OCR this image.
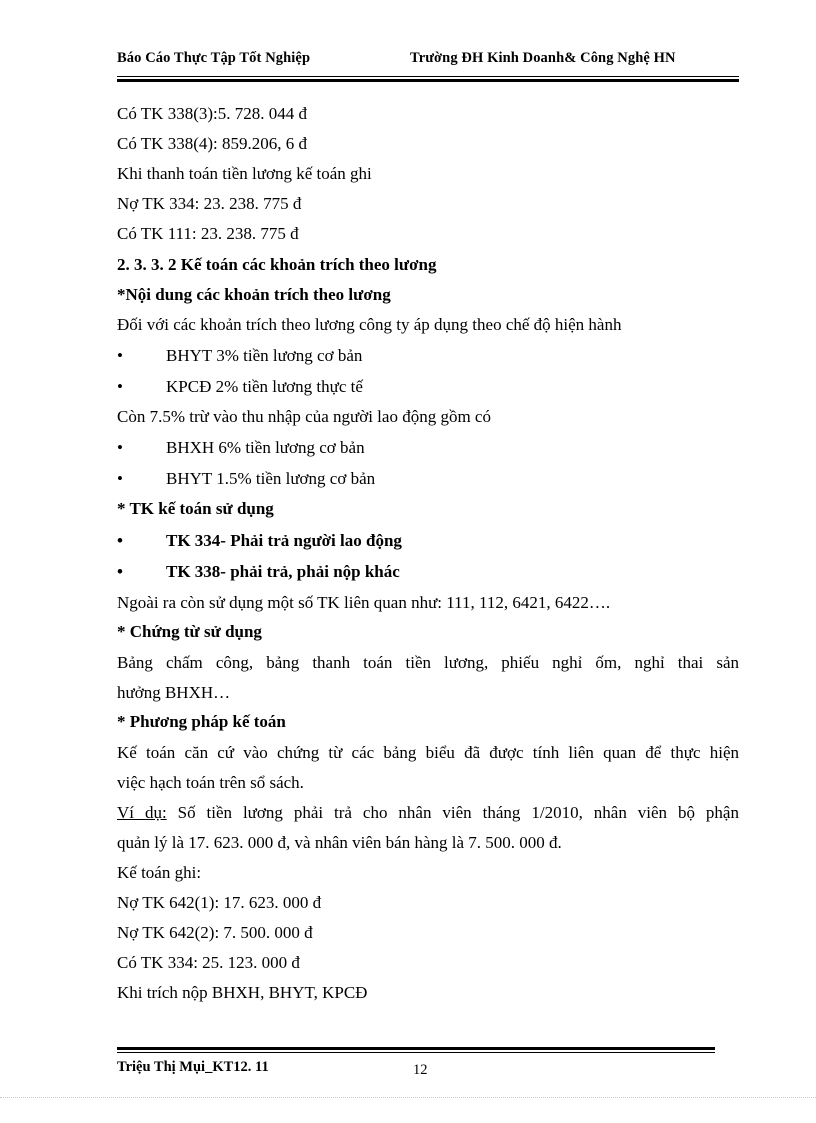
Báo Cáo Thực Tập Tốt Nghiệp	Trường ĐH Kinh Doanh& Công Nghệ HN
Có TK 338(3):5. 728. 044 đ
Có TK 338(4): 859.206, 6 đ
Khi thanh toán tiền lương kế toán ghi
Nợ TK 334: 23. 238. 775 đ
Có TK 111: 23. 238. 775 đ
2. 3. 3. 2 Kế toán các khoản trích theo lương
*Nội dung các khoản trích theo lương
Đối với các khoản trích theo lương công ty áp dụng theo chế độ hiện hành
•	BHYT 3% tiền lương cơ bản
•	KPCĐ 2% tiền lương thực tế
Còn 7.5% trừ vào thu nhập của người lao động gồm có
•	BHXH 6% tiền lương cơ bản
•	BHYT 1.5% tiền lương cơ bản
* TK kế toán sử dụng
•	TK 334- Phải trả người lao động
•	TK 338- phải trả, phải nộp khác
Ngoài ra còn sử dụng một số TK liên quan như: 111, 112, 6421, 6422….
* Chứng từ sử dụng
Bảng chấm công, bảng thanh toán tiền lương, phiếu nghỉ ốm, nghỉ thai sản
hưởng BHXH…
* Phương pháp kế toán
Kế toán căn cứ vào chứng từ các bảng biểu đã được tính liên quan để thực hiện
việc hạch toán trên sổ sách.
Ví dụ: Số tiền lương phải trả cho nhân viên tháng 1/2010, nhân viên bộ phận
quản lý là 17. 623. 000 đ, và nhân viên bán hàng là 7. 500. 000 đ.
Kế toán ghi:
Nợ TK 642(1): 17. 623. 000 đ
Nợ TK 642(2): 7. 500. 000 đ
Có TK 334: 25. 123. 000 đ
Khi trích nộp BHXH, BHYT, KPCĐ
Triệu Thị Mụi_KT12. 11	12
